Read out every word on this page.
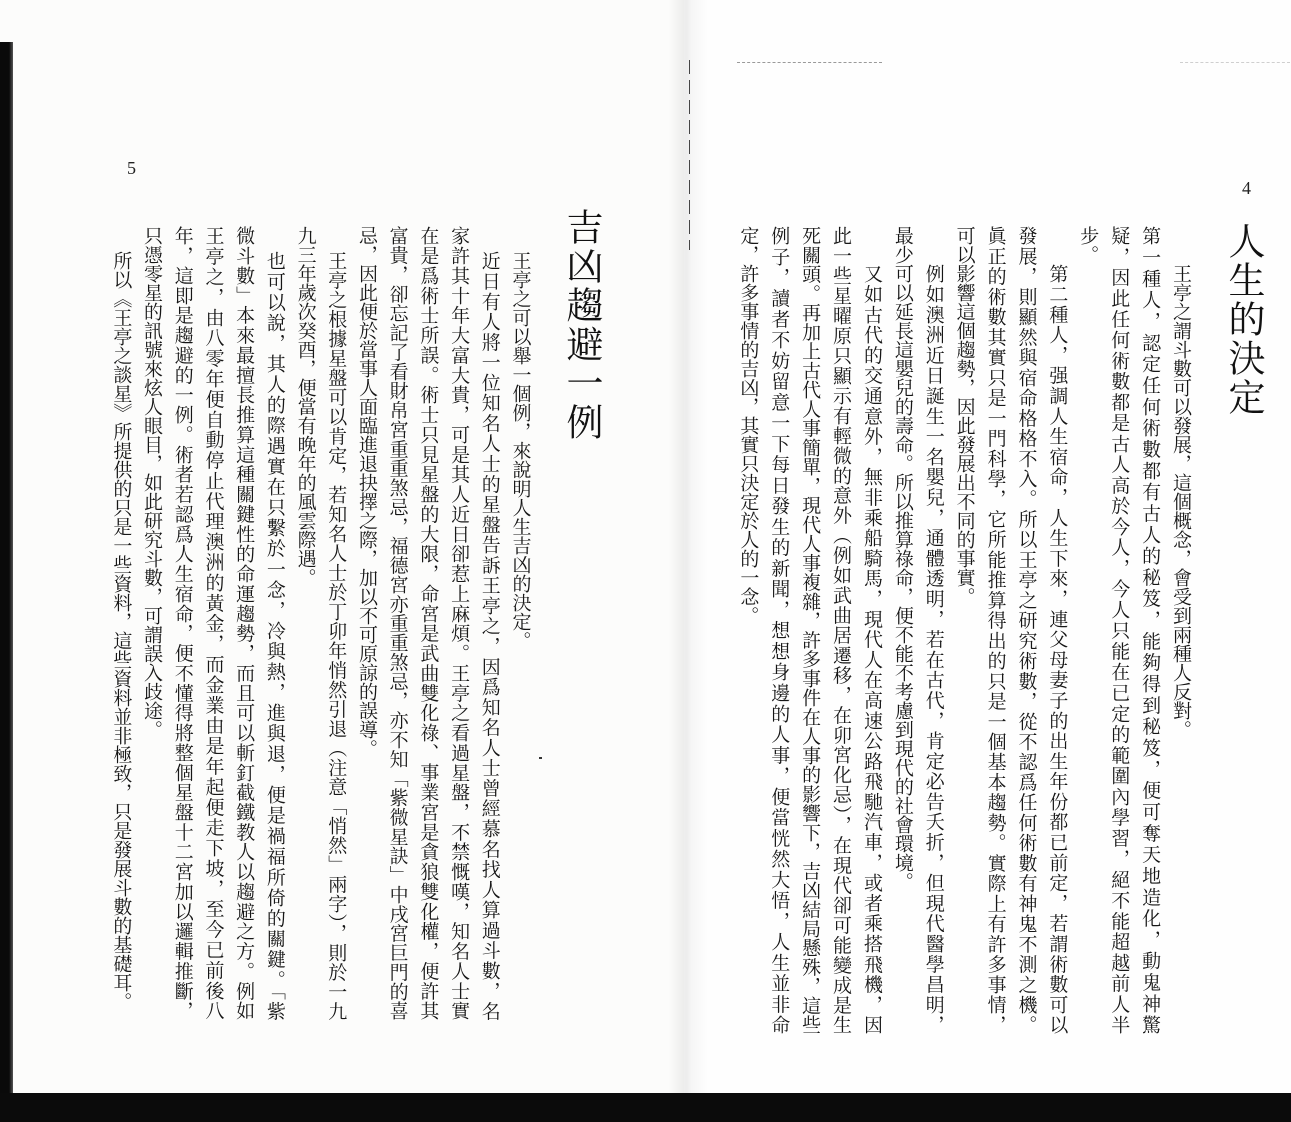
5
吉凶趨避一例
王亭之可以舉一個例，來說明人生吉凶的決定。
近日有人將一位知名人士的星盤告訴王亭之，因爲知名人士曾經慕名找人算過斗數，名
家許其十年大富大貴，可是其人近日卻惹上麻煩。王亭之看過星盤，不禁慨嘆，知名人士實
在是爲術士所誤。術士只見星盤的大限，命宮是武曲雙化祿、事業宮是貪狼雙化權，便許其
富貴，卻忘記了看財帛宮重重煞忌，福德宮亦重重煞忌，亦不知「紫微星訣」中戌宮巨門的喜
忌，因此便於當事人面臨進退抉擇之際，加以不可原諒的誤導。
王亭之根據星盤可以肯定，若知名人士於丁卯年悄然引退（注意「悄然」兩字），則於一九
九三年歲次癸酉，便當有晚年的風雲際遇。
也可以說，其人的際遇實在只繫於一念，冷與熱，進與退，便是禍福所倚的關鍵。「紫
微斗數」本來最擅長推算這種關鍵性的命運趨勢，而且可以斬釘截鐵教人以趨避之方。例如
王亭之，由八零年便自動停止代理澳洲的黃金，而金業由是年起便走下坡，至今已前後八
年，這即是趨避的一例。術者若認爲人生宿命，便不懂得將整個星盤十二宮加以邏輯推斷，
只憑零星的訊號來炫人眼目，如此研究斗數，可謂誤入歧途。
所以《王亭之談星》所提供的只是一些資料，這些資料並非極致，只是發展斗數的基礎耳。
4
人生的決定
王亭之謂斗數可以發展，這個概念，會受到兩種人反對。
第一種人，認定任何術數都有古人的秘笈，能夠得到秘笈，便可奪天地造化，動鬼神驚
疑，因此任何術數都是古人高於今人，今人只能在已定的範圍內學習，絕不能超越前人半
步。
第二種人，强調人生宿命，人生下來，連父母妻子的出生年份都已前定，若謂術數可以
發展，則顯然與宿命格格不入。所以王亭之研究術數，從不認爲任何術數有神鬼不測之機。
眞正的術數其實只是一門科學，它所能推算得出的只是一個基本趨勢。實際上有許多事情，
可以影響這個趨勢，因此發展出不同的事實。
例如澳洲近日誕生一名嬰兒，通體透明，若在古代，肯定必告夭折，但現代醫學昌明，
最少可以延長這嬰兒的壽命。所以推算祿命，便不能不考慮到現代的社會環境。
又如古代的交通意外，無非乘船騎馬，現代人在高速公路飛馳汽車，或者乘搭飛機，因
此一些星曜原只顯示有輕微的意外（例如武曲居遷移，在卯宮化忌），在現代卻可能變成是生
死關頭。再加上古代人事簡單，現代人事複雜，許多事件在人事的影響下，吉凶結局懸殊，這些
例子，讀者不妨留意一下每日發生的新聞，想想身邊的人事，便當恍然大悟，人生並非命
定，許多事情的吉凶，其實只決定於人的一念。
